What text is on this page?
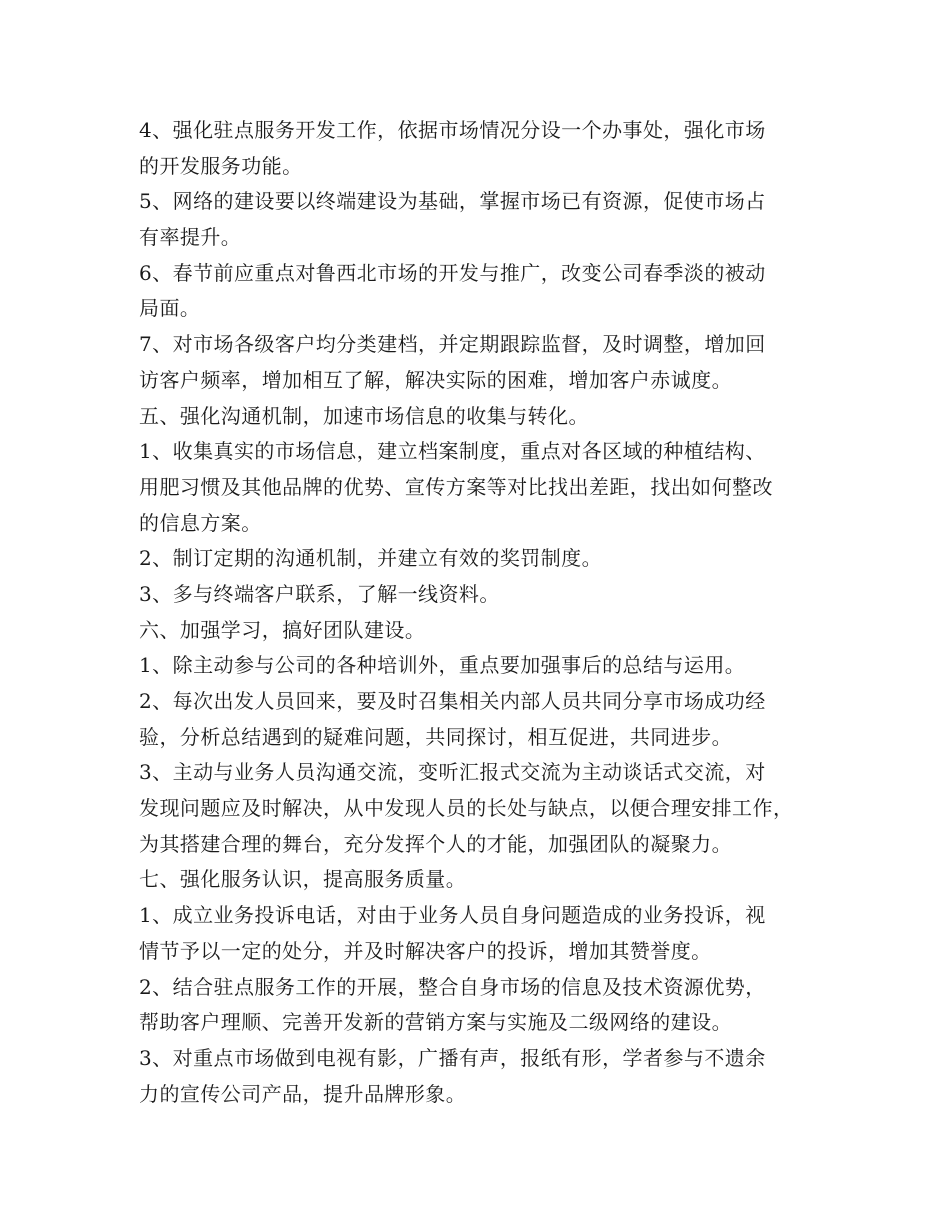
4、强化驻点服务开发工作，依据市场情况分设一个办事处，强化市场
的开发服务功能。
5、网络的建设要以终端建设为基础，掌握市场已有资源，促使市场占
有率提升。
6、春节前应重点对鲁西北市场的开发与推广，改变公司春季淡的被动
局面。
7、对市场各级客户均分类建档，并定期跟踪监督，及时调整，增加回
访客户频率，增加相互了解，解决实际的困难，增加客户赤诚度。
五、强化沟通机制，加速市场信息的收集与转化。
1、收集真实的市场信息，建立档案制度，重点对各区域的种植结构、
用肥习惯及其他品牌的优势、宣传方案等对比找出差距，找出如何整改
的信息方案。
2、制订定期的沟通机制，并建立有效的奖罚制度。
3、多与终端客户联系，了解一线资料。
六、加强学习，搞好团队建设。
1、除主动参与公司的各种培训外，重点要加强事后的总结与运用。
2、每次出发人员回来，要及时召集相关内部人员共同分享市场成功经
验，分析总结遇到的疑难问题，共同探讨，相互促进，共同进步。
3、主动与业务人员沟通交流，变听汇报式交流为主动谈话式交流，对
发现问题应及时解决，从中发现人员的长处与缺点，以便合理安排工作，
为其搭建合理的舞台，充分发挥个人的才能，加强团队的凝聚力。
七、强化服务认识，提高服务质量。
1、成立业务投诉电话，对由于业务人员自身问题造成的业务投诉，视
情节予以一定的处分，并及时解决客户的投诉，增加其赞誉度。
2、结合驻点服务工作的开展，整合自身市场的信息及技术资源优势，
帮助客户理顺、完善开发新的营销方案与实施及二级网络的建设。
3、对重点市场做到电视有影，广播有声，报纸有形，学者参与不遗余
力的宣传公司产品，提升品牌形象。
